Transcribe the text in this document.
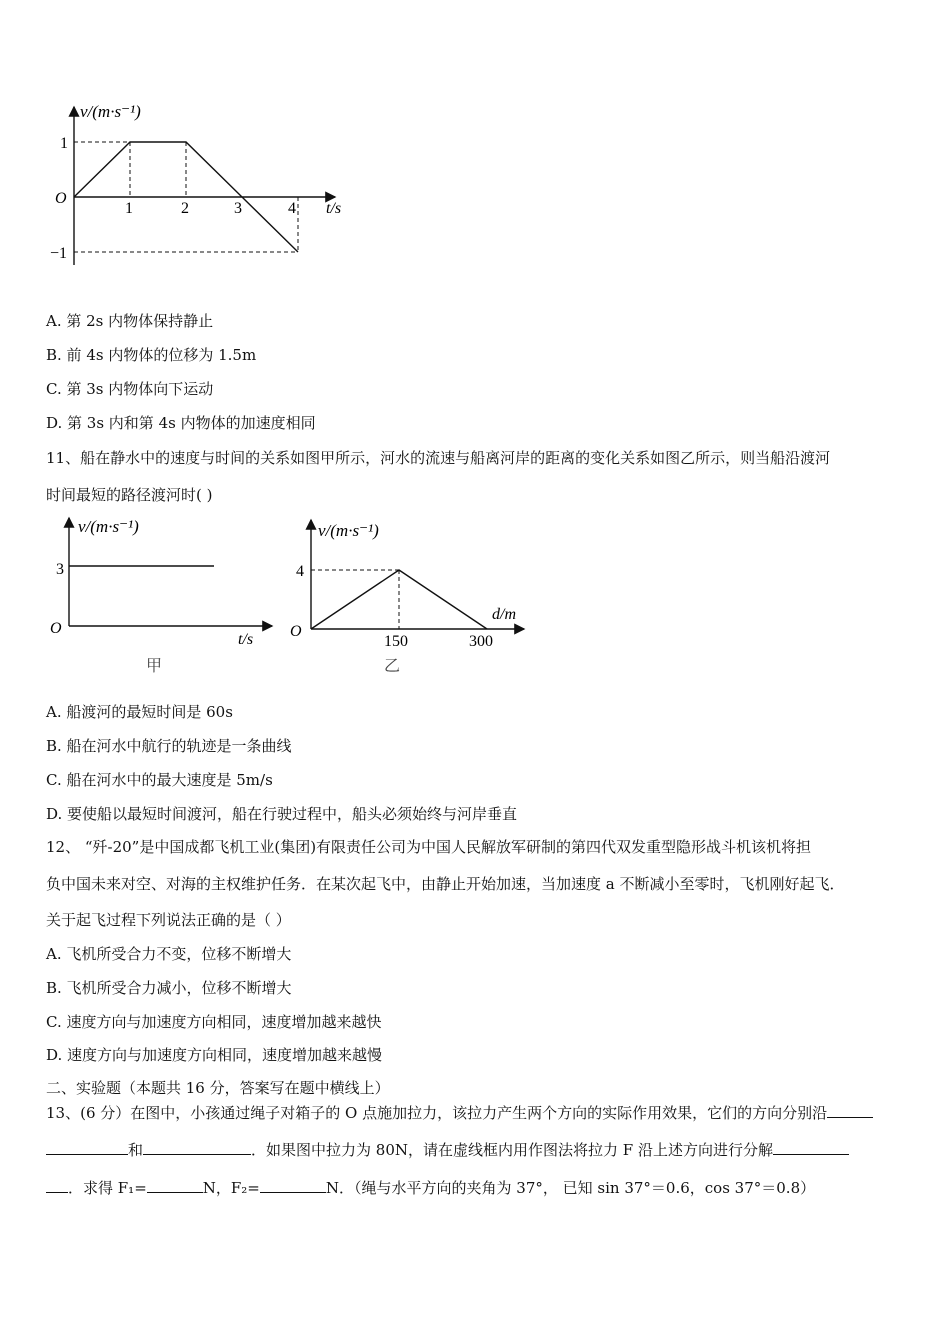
v/(m·s⁻¹)
t/s
O
1
−1
1	2	3	4
A. 第 2s 内物体保持静止
B. 前 4s 内物体的位移为 1.5m
C. 第 3s 内物体向下运动
D. 第 3s 内和第 4s 内物体的加速度相同
11、船在静水中的速度与时间的关系如图甲所示，河水的流速与船离河岸的距离的变化关系如图乙所示，则当船沿渡河
时间最短的路径渡河时( )
v/(m·s⁻¹)
3
O
t/s
甲
v/(m·s⁻¹)
4
O
d/m
150	300
乙
A. 船渡河的最短时间是 60s
B. 船在河水中航行的轨迹是一条曲线
C. 船在河水中的最大速度是 5m/s
D. 要使船以最短时间渡河，船在行驶过程中，船头必须始终与河岸垂直
12、 “歼-20”是中国成都飞机工业(集团)有限责任公司为中国人民解放军研制的第四代双发重型隐形战斗机该机将担
负中国未来对空、对海的主权维护任务．在某次起飞中，由静止开始加速，当加速度 a 不断减小至零时，飞机刚好起飞．
关于起飞过程下列说法正确的是（ ）
A. 飞机所受合力不变，位移不断增大
B. 飞机所受合力减小，位移不断增大
C. 速度方向与加速度方向相同，速度增加越来越快
D. 速度方向与加速度方向相同，速度增加越来越慢
二、实验题（本题共 16 分，答案写在题中横线上）
13、(6 分）在图中，小孩通过绳子对箱子的 O 点施加拉力，该拉力产生两个方向的实际作用效果，它们的方向分别沿
和	．如果图中拉力为 80N，请在虚线框内用作图法将拉力 F 沿上述方向进行分解
．求得 F₁=	N，F₂=	N．（绳与水平方向的夹角为 37°， 已知 sin 37°＝0.6，cos 37°＝0.8）
